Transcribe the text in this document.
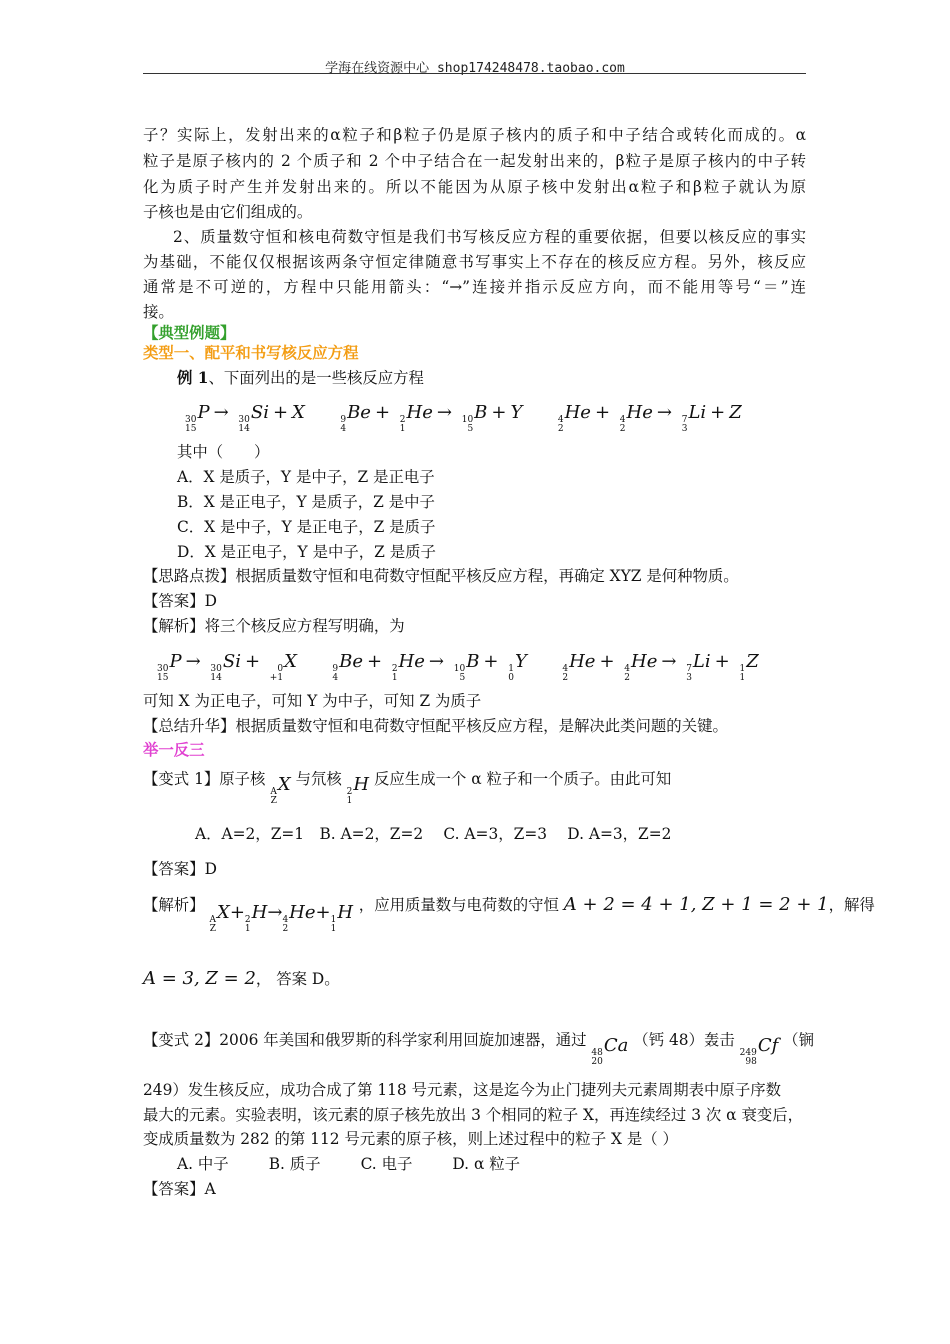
学海在线资源中心 shop174248478.taobao.com
子？实际上，发射出来的α粒子和β粒子仍是原子核内的质子和中子结合或转化而成的。α
粒子是原子核内的 2 个质子和 2 个中子结合在一起发射出来的，β粒子是原子核内的中子转
化为质子时产生并发射出来的。所以不能因为从原子核中发射出α粒子和β粒子就认为原
子核也是由它们组成的。
2、质量数守恒和核电荷数守恒是我们书写核反应方程的重要依据，但要以核反应的事实
为基础，不能仅仅根据该两条守恒定律随意书写事实上不存在的核反应方程。另外，核反应
通常是不可逆的，方程中只能用箭头：“→”连接并指示反应方向，而不能用等号“＝”连
接。
【典型例题】
类型一、配平和书写核反应方程
例 1、下面列出的是一些核反应方程
30
15
P → 30
14
Si + X	9
4
Be + 2
1
He → 10
5
B + Y	4
2
He + 4
2
He → 7
3
Li + Z
其中（　　）
A．X 是质子，Y 是中子，Z 是正电子
B．X 是正电子，Y 是质子，Z 是中子
C．X 是中子，Y 是正电子，Z 是质子
D．X 是正电子，Y 是中子，Z 是质子
【思路点拨】根据质量数守恒和电荷数守恒配平核反应方程，再确定 XYZ 是何种物质。
【答案】D
【解析】将三个核反应方程写明确，为
30
15
P → 30
14
Si +	0
+1
X	9
4
Be + 2
1
He → 10
5
B + 1
0
Y	4
2
He + 4
2
He → 7
3
Li + 1
1
Z
可知 X 为正电子，可知 Y 为中子，可知 Z 为质子
【总结升华】根据质量数守恒和电荷数守恒配平核反应方程，是解决此类问题的关键。
举一反三
【变式 1】原子核
A
Z
X 与氘核
2
1
H 反应生成一个 α 粒子和一个质子。由此可知
A．A=2，Z=1　B. A=2，Z=2　 C. A=3，Z=3　 D. A=3，Z=2
【答案】D
【解析】
A
Z
X+ 2
1
H→ 4
2
He+ 1
1
H ，应用质量数与电荷数的守恒 A + 2 = 4 + 1, Z + 1 = 2 + 1，解得
A = 3, Z = 2， 答案 D。
【变式 2】2006 年美国和俄罗斯的科学家利用回旋加速器，通过
48
20
Ca （钙 48）轰击
249
98
Cf （锎
249）发生核反应，成功合成了第 118 号元素，这是迄今为止门捷列夫元素周期表中原子序数
最大的元素。实验表明，该元素的原子核先放出 3 个相同的粒子 X，再连续经过 3 次 α 衰变后，
变成质量数为 282 的第 112 号元素的原子核，则上述过程中的粒子 X 是（ ）
A. 中子	B. 质子	C. 电子	D. α 粒子
【答案】A
